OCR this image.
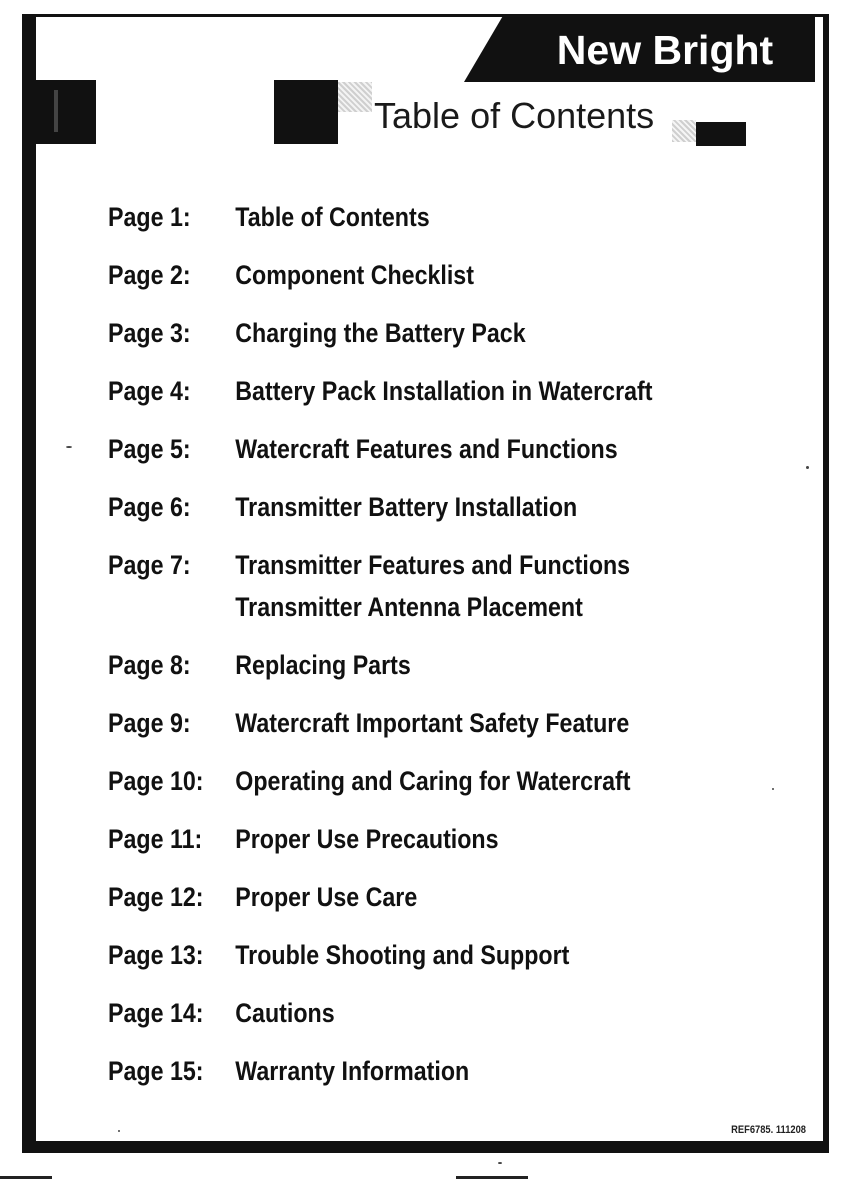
New Bright
Table of Contents
Page 1:	Table of Contents
Page 2:	Component Checklist
Page 3:	Charging the Battery Pack
Page 4:	Battery Pack Installation in Watercraft
Page 5:	Watercraft Features and Functions
Page 6:	Transmitter Battery Installation
Page 7:	Transmitter Features and Functions
Transmitter Antenna Placement
Page 8:	Replacing Parts
Page 9:	Watercraft Important Safety Feature
Page 10:	Operating and Caring for Watercraft
Page 11:	Proper Use Precautions
Page 12:	Proper Use Care
Page 13:	Trouble Shooting and Support
Page 14:	Cautions
Page 15:	Warranty Information
REF6785. 111208
